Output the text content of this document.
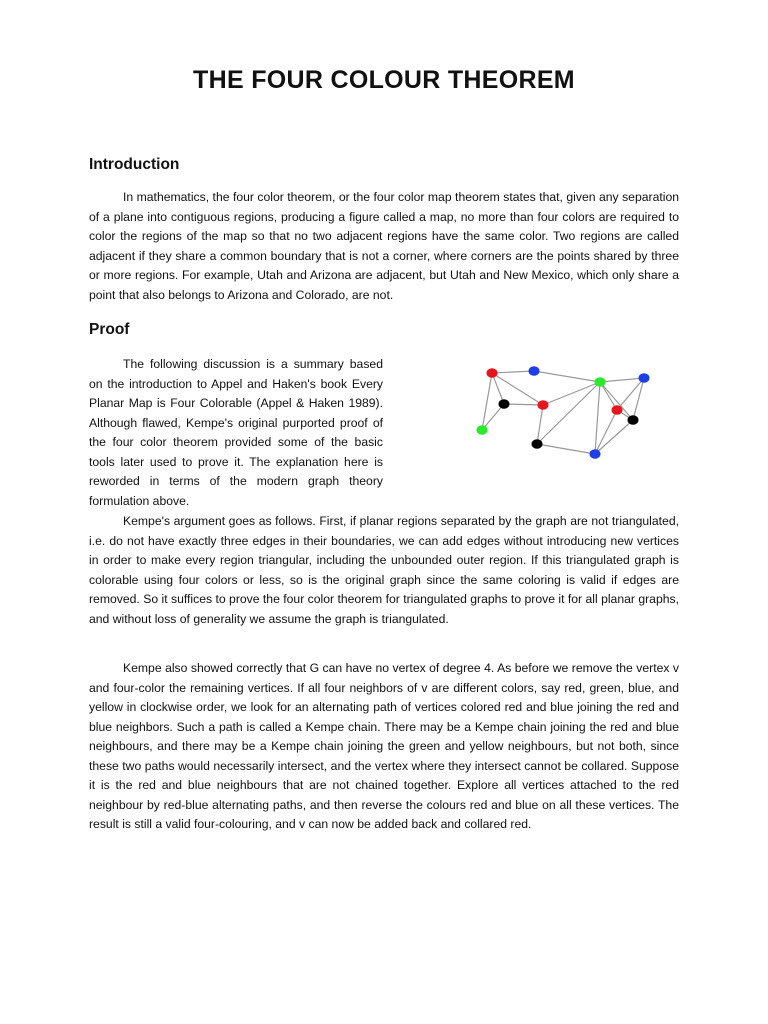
THE FOUR COLOUR THEOREM
Introduction

In mathematics, the four color theorem, or the four color map theorem states that, given any separation of a plane into contiguous regions, producing a figure called a map, no more than four colors are required to color the regions of the map so that no two adjacent regions have the same color. Two regions are called adjacent if they share a common boundary that is not a corner, where corners are the points shared by three or more regions. For example, Utah and Arizona are adjacent, but Utah and New Mexico, which only share a point that also belongs to Arizona and Colorado, are not.

Proof

The following discussion is a summary based on the introduction to Appel and Haken's book Every Planar Map is Four Colorable (Appel & Haken 1989). Although flawed, Kempe's original purported proof of the four color theorem provided some of the basic tools later used to prove it. The explanation here is reworded in terms of the modern graph theory formulation above.

Kempe's argument goes as follows. First, if planar regions separated by the graph are not triangulated, i.e. do not have exactly three edges in their boundaries, we can add edges without introducing new vertices in order to make every region triangular, including the unbounded outer region. If this triangulated graph is colorable using four colors or less, so is the original graph since the same coloring is valid if edges are removed. So it suffices to prove the four color theorem for triangulated graphs to prove it for all planar graphs, and without loss of generality we assume the graph is triangulated.

Kempe also showed correctly that G can have no vertex of degree 4. As before we remove the vertex v and four-color the remaining vertices. If all four neighbors of v are different colors, say red, green, blue, and yellow in clockwise order, we look for an alternating path of vertices colored red and blue joining the red and blue neighbors. Such a path is called a Kempe chain. There may be a Kempe chain joining the red and blue neighbours, and there may be a Kempe chain joining the green and yellow neighbours, but not both, since these two paths would necessarily intersect, and the vertex where they intersect cannot be collared. Suppose it is the red and blue neighbours that are not chained together. Explore all vertices attached to the red neighbour by red-blue alternating paths, and then reverse the colours red and blue on all these vertices. The result is still a valid four-colouring, and v can now be added back and collared red.
